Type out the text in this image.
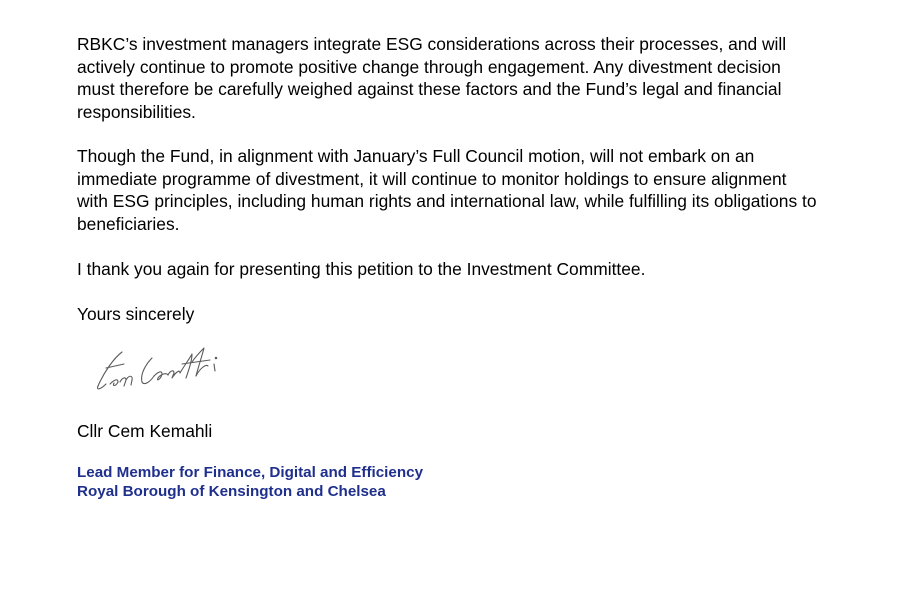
RBKC’s investment managers integrate ESG considerations across their processes, and will actively continue to promote positive change through engagement. Any divestment decision must therefore be carefully weighed against these factors and the Fund’s legal and financial responsibilities.

Though the Fund, in alignment with January’s Full Council motion, will not embark on an immediate programme of divestment, it will continue to monitor holdings to ensure alignment with ESG principles, including human rights and international law, while fulfilling its obligations to beneficiaries.

I thank you again for presenting this petition to the Investment Committee.

Yours sincerely

Cllr Cem Kemahli

Lead Member for Finance, Digital and Efficiency

Royal Borough of Kensington and Chelsea
